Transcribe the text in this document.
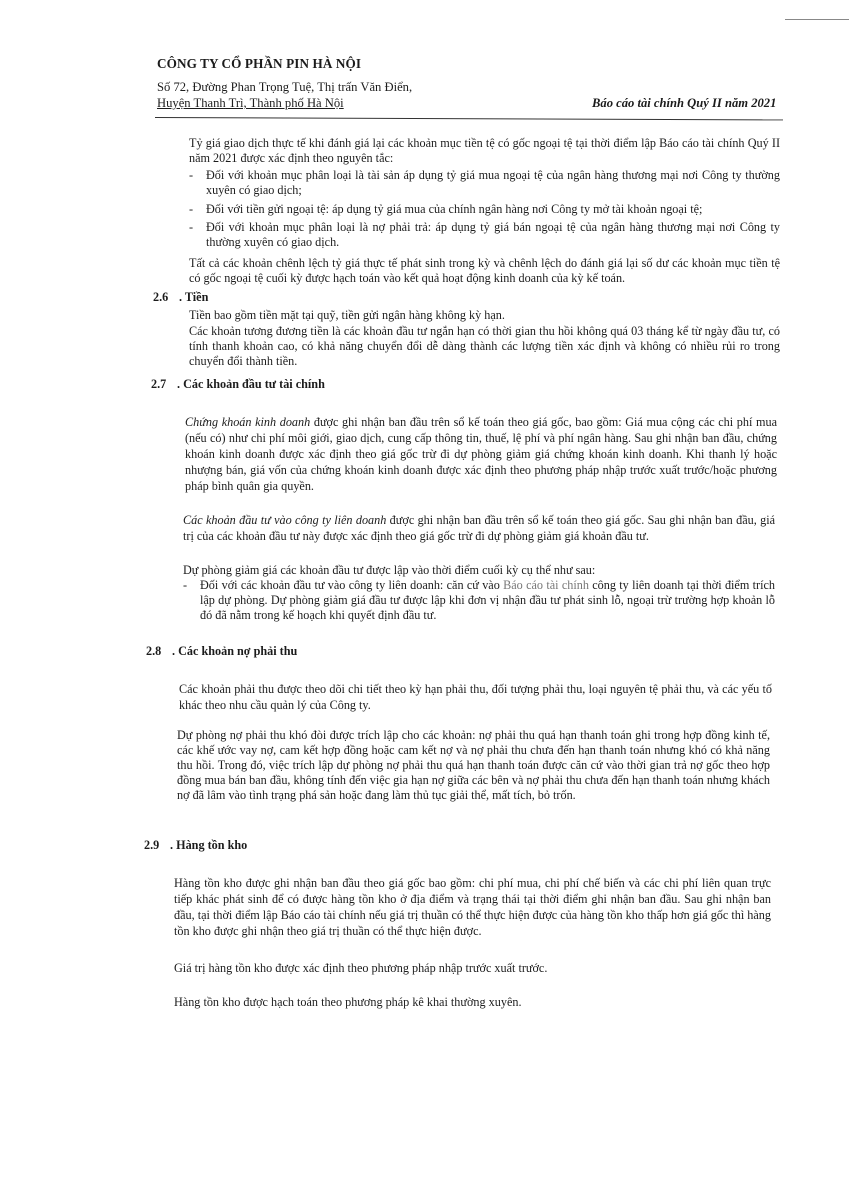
CÔNG TY CỔ PHẦN PIN HÀ NỘI
Số 72, Đường Phan Trọng Tuệ, Thị trấn Văn Điển,
Huyện Thanh Trì, Thành phố Hà Nội	Báo cáo tài chính Quý II năm 2021
Tỷ giá giao dịch thực tế khi đánh giá lại các khoản mục tiền tệ có gốc ngoại tệ tại thời điểm lập Báo cáo tài chính Quý II năm 2021 được xác định theo nguyên tắc:
- Đối với khoản mục phân loại là tài sản áp dụng tỷ giá mua ngoại tệ của ngân hàng thương mại nơi Công ty thường xuyên có giao dịch;
- Đối với tiền gửi ngoại tệ: áp dụng tỷ giá mua của chính ngân hàng nơi Công ty mở tài khoản ngoại tệ;
- Đối với khoản mục phân loại là nợ phải trả: áp dụng tỷ giá bán ngoại tệ của ngân hàng thương mại nơi Công ty thường xuyên có giao dịch.
Tất cả các khoản chênh lệch tỷ giá thực tế phát sinh trong kỳ và chênh lệch do đánh giá lại số dư các khoản mục tiền tệ có gốc ngoại tệ cuối kỳ được hạch toán vào kết quả hoạt động kinh doanh của kỳ kế toán.
2.6 . Tiền
Tiền bao gồm tiền mặt tại quỹ, tiền gửi ngân hàng không kỳ hạn.
Các khoản tương đương tiền là các khoản đầu tư ngắn hạn có thời gian thu hồi không quá 03 tháng kể từ ngày đầu tư, có tính thanh khoản cao, có khả năng chuyển đổi dễ dàng thành các lượng tiền xác định và không có nhiều rủi ro trong chuyển đổi thành tiền.
2.7 . Các khoản đầu tư tài chính
Chứng khoán kinh doanh được ghi nhận ban đầu trên sổ kế toán theo giá gốc, bao gồm: Giá mua cộng các chi phí mua (nếu có) như chi phí môi giới, giao dịch, cung cấp thông tin, thuế, lệ phí và phí ngân hàng. Sau ghi nhận ban đầu, chứng khoán kinh doanh được xác định theo giá gốc trừ đi dự phòng giảm giá chứng khoán kinh doanh. Khi thanh lý hoặc nhượng bán, giá vốn của chứng khoán kinh doanh được xác định theo phương pháp nhập trước xuất trước/hoặc phương pháp bình quân gia quyền.
Các khoản đầu tư vào công ty liên doanh được ghi nhận ban đầu trên sổ kế toán theo giá gốc. Sau ghi nhận ban đầu, giá trị của các khoản đầu tư này được xác định theo giá gốc trừ đi dự phòng giảm giá khoản đầu tư.
Dự phòng giảm giá các khoản đầu tư được lập vào thời điểm cuối kỳ cụ thể như sau:
- Đối với các khoản đầu tư vào công ty liên doanh: căn cứ vào Báo cáo tài chính công ty liên doanh tại thời điểm trích lập dự phòng. Dự phòng giảm giá đầu tư được lập khi đơn vị nhận đầu tư phát sinh lỗ, ngoại trừ trường hợp khoản lỗ đó đã nằm trong kế hoạch khi quyết định đầu tư.
2.8 . Các khoản nợ phải thu
Các khoản phải thu được theo dõi chi tiết theo kỳ hạn phải thu, đối tượng phải thu, loại nguyên tệ phải thu, và các yếu tố khác theo nhu cầu quản lý của Công ty.
Dự phòng nợ phải thu khó đòi được trích lập cho các khoản: nợ phải thu quá hạn thanh toán ghi trong hợp đồng kinh tế, các khế ước vay nợ, cam kết hợp đồng hoặc cam kết nợ và nợ phải thu chưa đến hạn thanh toán nhưng khó có khả năng thu hồi. Trong đó, việc trích lập dự phòng nợ phải thu quá hạn thanh toán được căn cứ vào thời gian trả nợ gốc theo hợp đồng mua bán ban đầu, không tính đến việc gia hạn nợ giữa các bên và nợ phải thu chưa đến hạn thanh toán nhưng khách nợ đã lâm vào tình trạng phá sản hoặc đang làm thủ tục giải thể, mất tích, bỏ trốn.
2.9 . Hàng tồn kho
Hàng tồn kho được ghi nhận ban đầu theo giá gốc bao gồm: chi phí mua, chi phí chế biến và các chi phí liên quan trực tiếp khác phát sinh để có được hàng tồn kho ở địa điểm và trạng thái tại thời điểm ghi nhận ban đầu. Sau ghi nhận ban đầu, tại thời điểm lập Báo cáo tài chính nếu giá trị thuần có thể thực hiện được của hàng tồn kho thấp hơn giá gốc thì hàng tồn kho được ghi nhận theo giá trị thuần có thể thực hiện được.
Giá trị hàng tồn kho được xác định theo phương pháp nhập trước xuất trước.
Hàng tồn kho được hạch toán theo phương pháp kê khai thường xuyên.
